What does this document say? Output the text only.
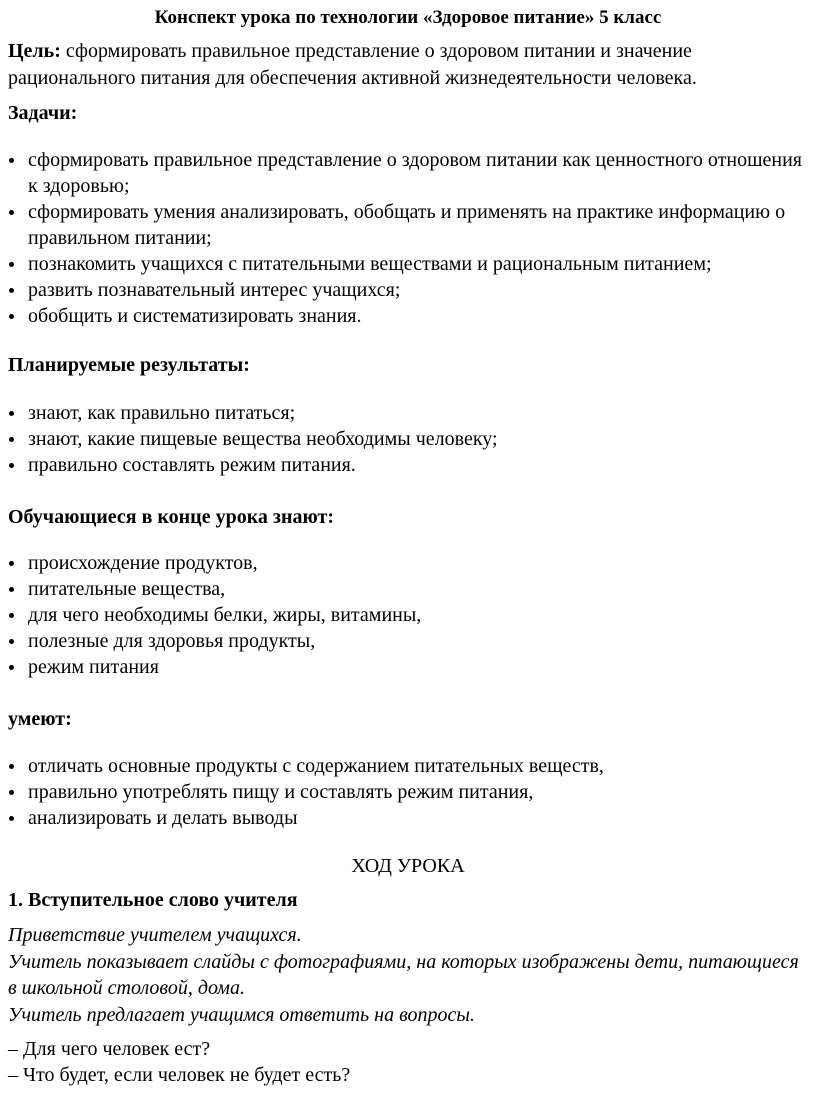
Конспект урока по технологии «Здоровое питание» 5 класс
Цель: сформировать правильное представление о здоровом питании и значение рационального питания для обеспечения активной жизнедеятельности человека.
Задачи:
сформировать правильное представление о здоровом питании как ценностного отношения к здоровью;
сформировать умения анализировать, обобщать и применять на практике информацию о правильном питании;
познакомить учащихся с питательными веществами и рациональным питанием;
развить познавательный интерес учащихся;
обобщить и систематизировать знания.
Планируемые результаты:
знают, как правильно питаться;
знают, какие пищевые вещества необходимы человеку;
правильно составлять режим питания.
Обучающиеся в конце урока знают:
происхождение продуктов,
питательные вещества,
для чего необходимы белки, жиры, витамины,
полезные для здоровья продукты,
режим питания
умеют:
отличать основные продукты с содержанием питательных веществ,
правильно употреблять пищу и составлять режим питания,
анализировать и делать выводы
ХОД УРОКА
1. Вступительное слово учителя
Приветствие учителем учащихся.
Учитель показывает слайды с фотографиями, на которых изображены дети, питающиеся в школьной столовой, дома.
Учитель предлагает учащимся ответить на вопросы.
– Для чего человек ест?
– Что будет, если человек не будет есть?
